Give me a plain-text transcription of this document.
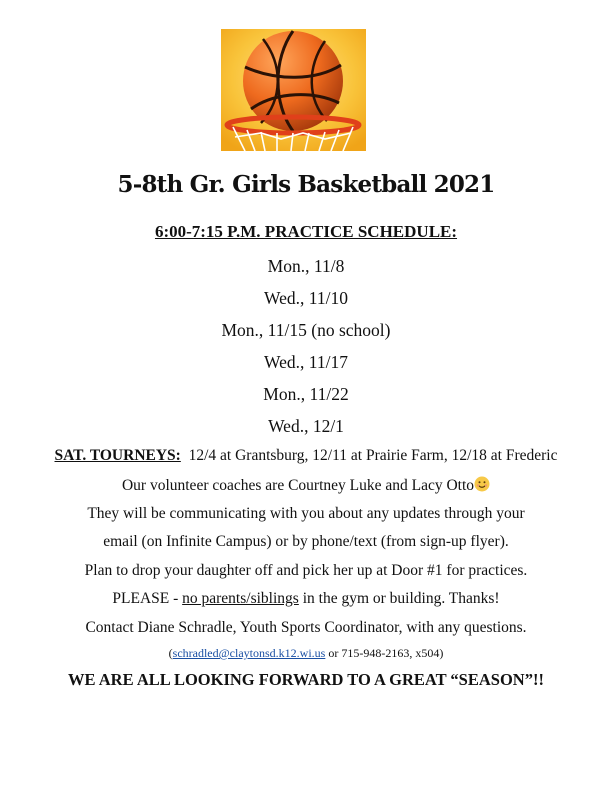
5-8th Gr. Girls Basketball 2021
6:00-7:15 P.M. PRACTICE SCHEDULE:
Mon., 11/8
Wed., 11/10
Mon., 11/15 (no school)
Wed., 11/17
Mon., 11/22
Wed., 12/1
SAT. TOURNEYS: 12/4 at Grantsburg, 12/11 at Prairie Farm, 12/18 at Frederic
Our volunteer coaches are Courtney Luke and Lacy Otto
They will be communicating with you about any updates through your
email (on Infinite Campus) or by phone/text (from sign-up flyer).
Plan to drop your daughter off and pick her up at Door #1 for practices.
PLEASE - no parents/siblings in the gym or building. Thanks!
Contact Diane Schradle, Youth Sports Coordinator, with any questions.
(schradled@claytonsd.k12.wi.us or 715-948-2163, x504)
WE ARE ALL LOOKING FORWARD TO A GREAT “SEASON”!!
